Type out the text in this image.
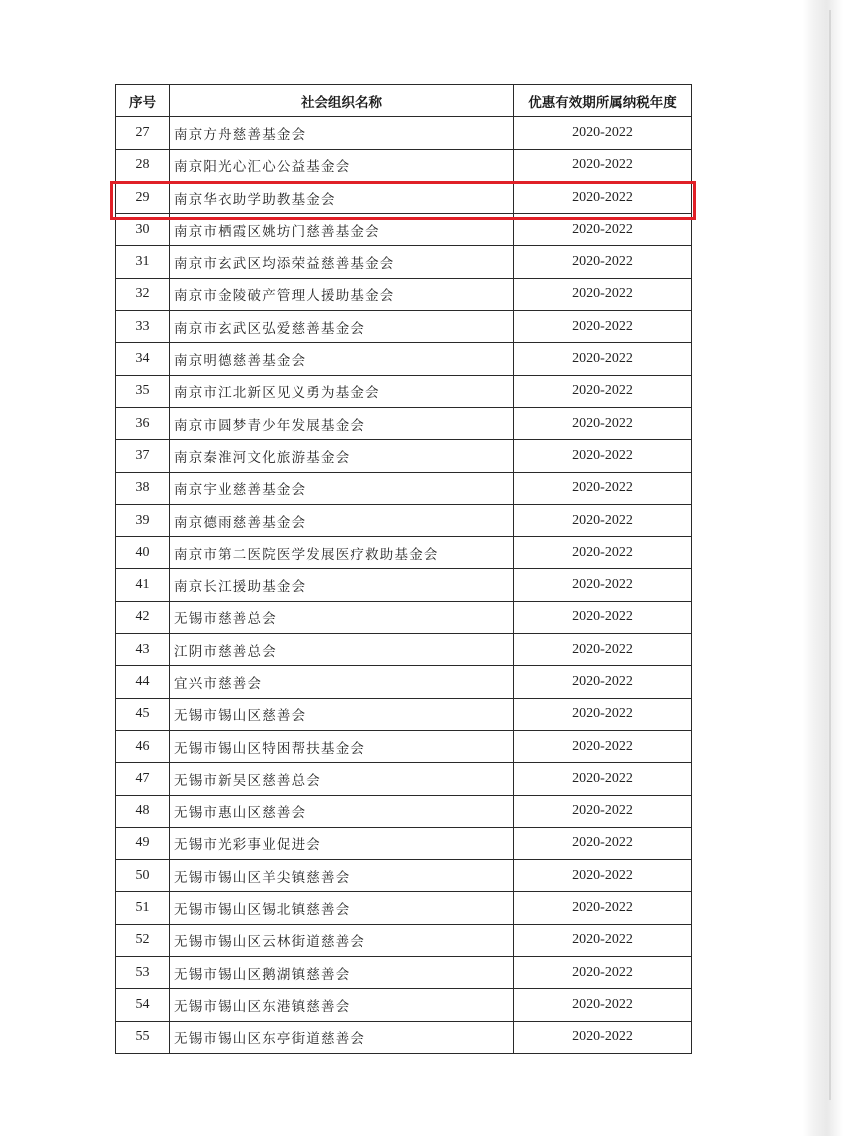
序号	社会组织名称	优惠有效期所属纳税年度
27	南京方舟慈善基金会	2020-2022
28	南京阳光心汇心公益基金会	2020-2022
29	南京华衣助学助教基金会	2020-2022
30	南京市栖霞区姚坊门慈善基金会	2020-2022
31	南京市玄武区均添荣益慈善基金会	2020-2022
32	南京市金陵破产管理人援助基金会	2020-2022
33	南京市玄武区弘爱慈善基金会	2020-2022
34	南京明德慈善基金会	2020-2022
35	南京市江北新区见义勇为基金会	2020-2022
36	南京市圆梦青少年发展基金会	2020-2022
37	南京秦淮河文化旅游基金会	2020-2022
38	南京宇业慈善基金会	2020-2022
39	南京德雨慈善基金会	2020-2022
40	南京市第二医院医学发展医疗救助基金会	2020-2022
41	南京长江援助基金会	2020-2022
42	无锡市慈善总会	2020-2022
43	江阴市慈善总会	2020-2022
44	宜兴市慈善会	2020-2022
45	无锡市锡山区慈善会	2020-2022
46	无锡市锡山区特困帮扶基金会	2020-2022
47	无锡市新吴区慈善总会	2020-2022
48	无锡市惠山区慈善会	2020-2022
49	无锡市光彩事业促进会	2020-2022
50	无锡市锡山区羊尖镇慈善会	2020-2022
51	无锡市锡山区锡北镇慈善会	2020-2022
52	无锡市锡山区云林街道慈善会	2020-2022
53	无锡市锡山区鹅湖镇慈善会	2020-2022
54	无锡市锡山区东港镇慈善会	2020-2022
55	无锡市锡山区东亭街道慈善会	2020-2022
